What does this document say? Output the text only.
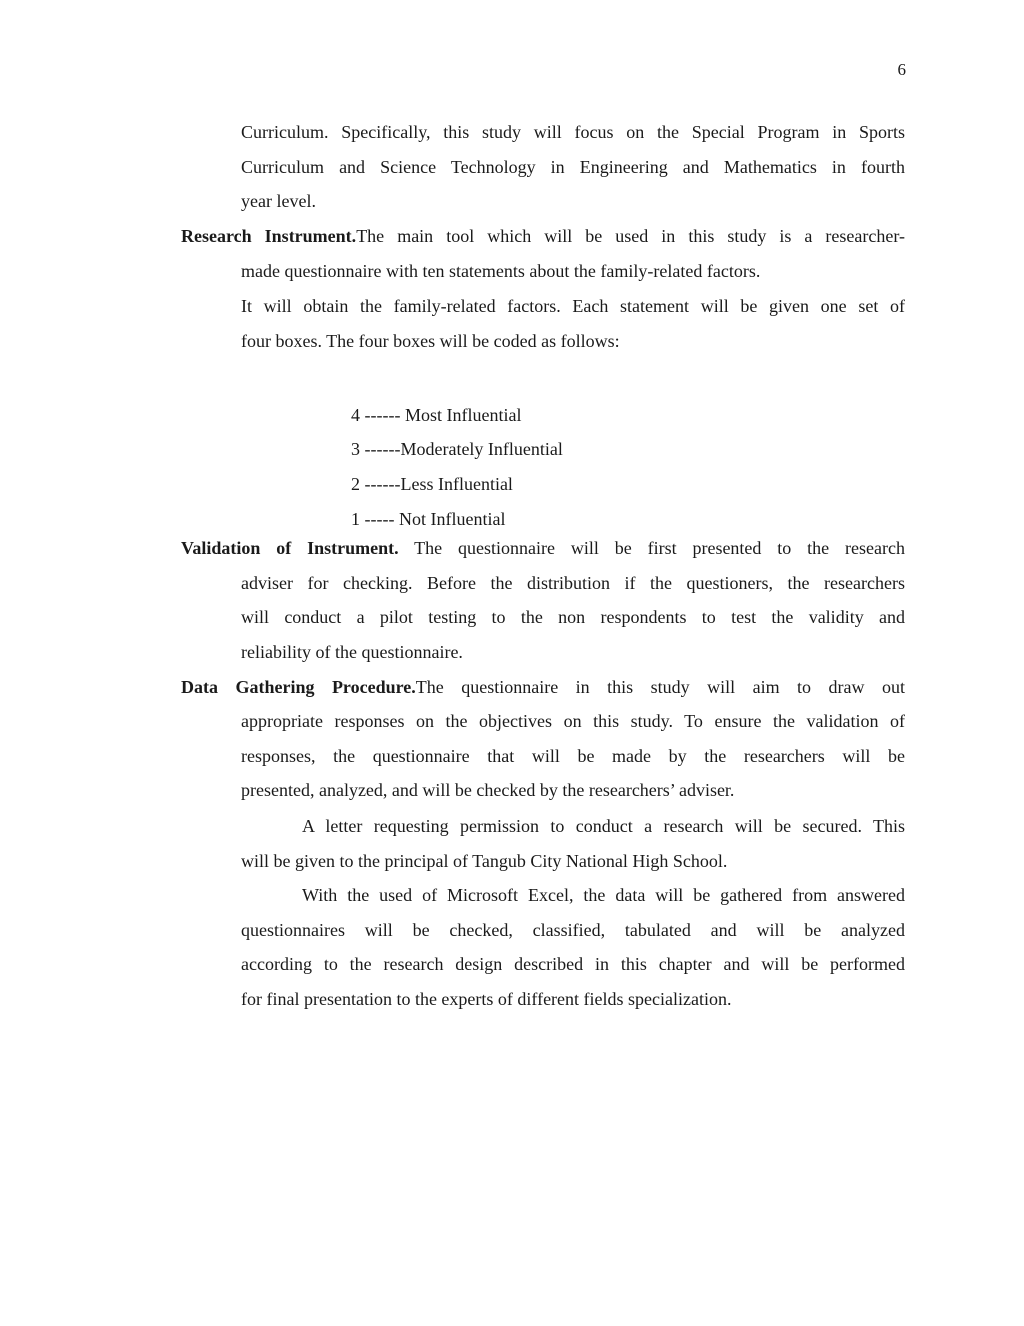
6
Curriculum. Specifically, this study will focus on the Special Program in Sports
Curriculum and Science Technology in Engineering and Mathematics in fourth
year level.
Research Instrument.The main tool which will be used in this study is a researcher-
made questionnaire with ten statements about the family-related factors.
It will obtain the family-related factors. Each statement will be given one set of
four boxes. The four boxes will be coded as follows:
4 ------ Most Influential
3 ------Moderately Influential
2 ------Less Influential
1 ----- Not Influential
Validation of Instrument. The questionnaire will be first presented to the research
adviser for checking. Before the distribution if the questioners, the researchers
will conduct a pilot testing to the non respondents to test the validity and
reliability of the questionnaire.
Data Gathering Procedure.The questionnaire in this study will aim to draw out
appropriate responses on the objectives on this study. To ensure the validation of
responses, the questionnaire that will be made by the researchers will be
presented, analyzed, and will be checked by the researchers’ adviser.
A letter requesting permission to conduct a research will be secured. This
will be given to the principal of Tangub City National High School.
With the used of Microsoft Excel, the data will be gathered from answered
questionnaires will be checked, classified, tabulated and will be analyzed
according to the research design described in this chapter and will be performed
for final presentation to the experts of different fields specialization.
